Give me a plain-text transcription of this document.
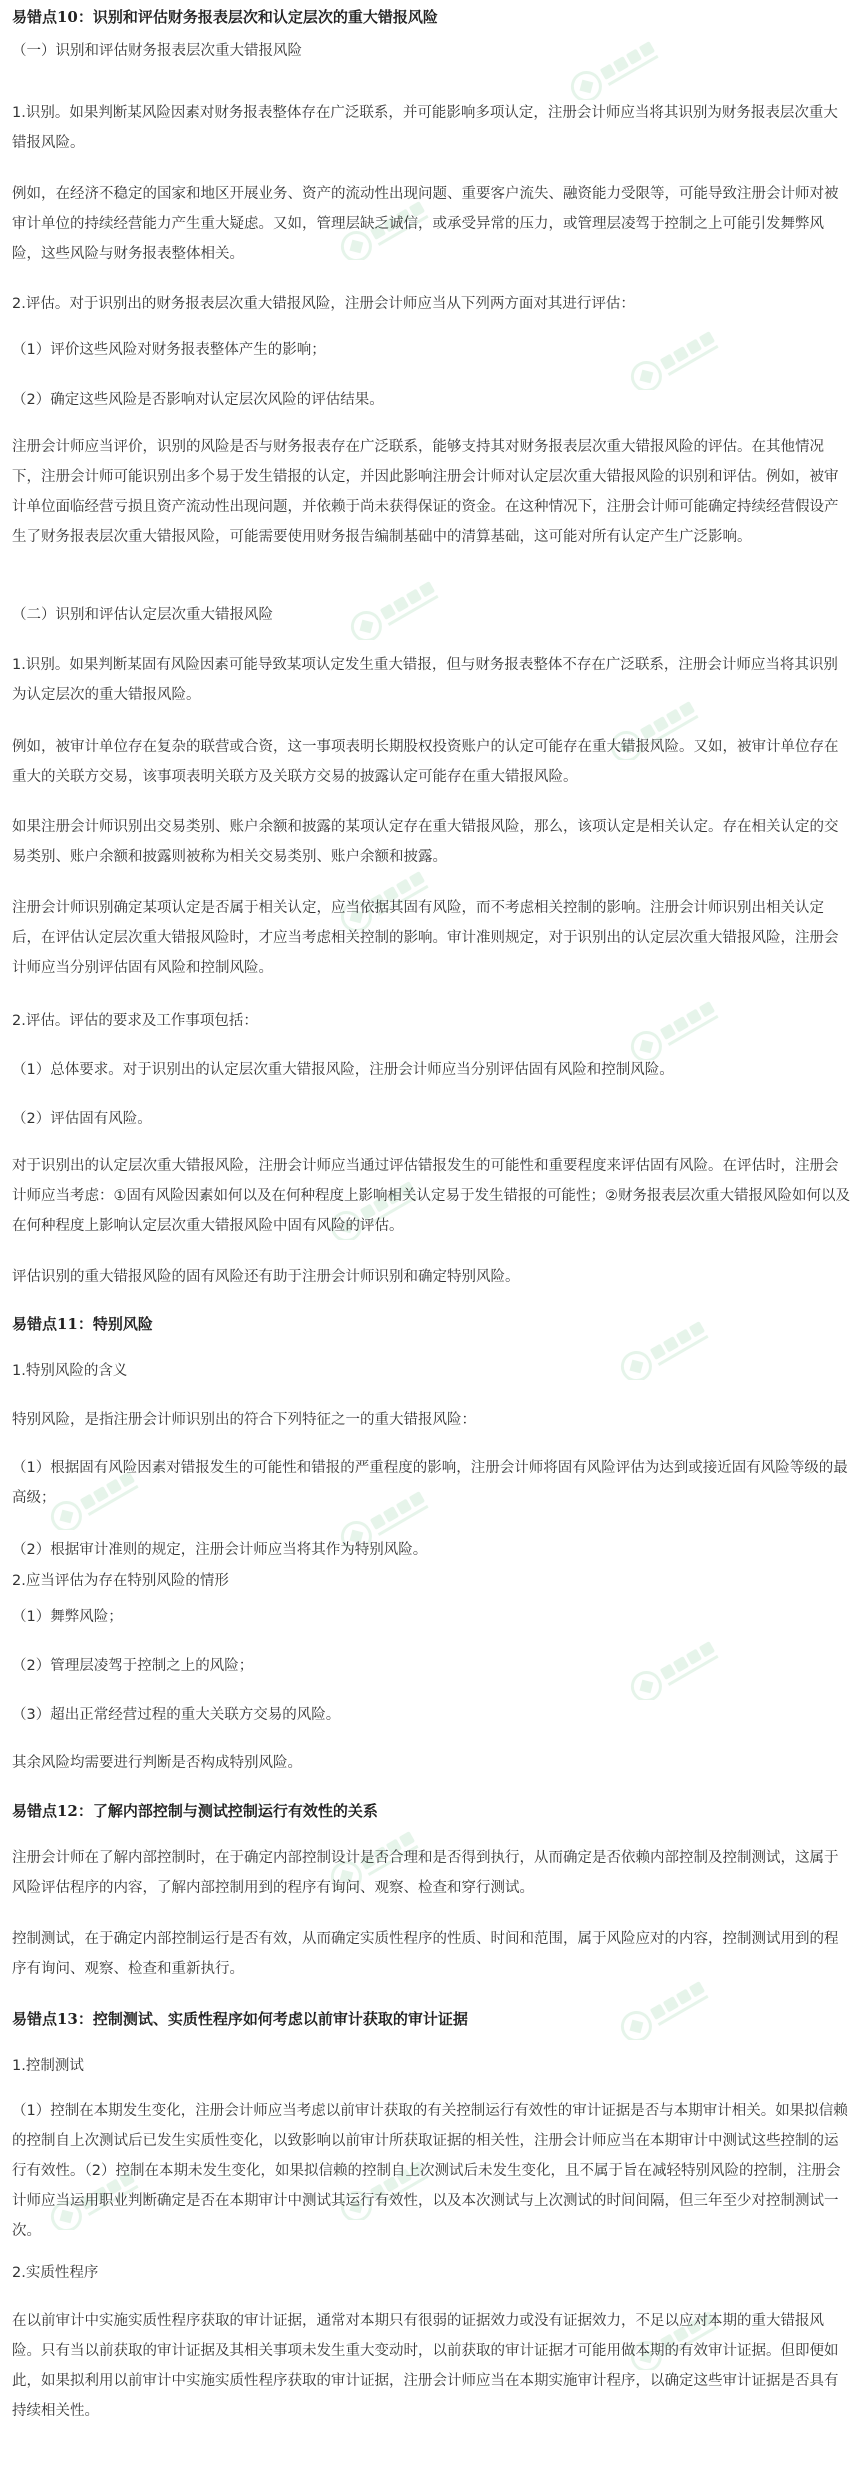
易错点10：识别和评估财务报表层次和认定层次的重大错报风险
（一）识别和评估财务报表层次重大错报风险
1.识别。如果判断某风险因素对财务报表整体存在广泛联系，并可能影响多项认定，注册会计师应当将其识别为财务报表层次重大错报风险。
例如，在经济不稳定的国家和地区开展业务、资产的流动性出现问题、重要客户流失、融资能力受限等，可能导致注册会计师对被审计单位的持续经营能力产生重大疑虑。又如，管理层缺乏诚信，或承受异常的压力，或管理层凌驾于控制之上可能引发舞弊风险，这些风险与财务报表整体相关。
2.评估。对于识别出的财务报表层次重大错报风险，注册会计师应当从下列两方面对其进行评估：
（1）评价这些风险对财务报表整体产生的影响；
（2）确定这些风险是否影响对认定层次风险的评估结果。
注册会计师应当评价，识别的风险是否与财务报表存在广泛联系，能够支持其对财务报表层次重大错报风险的评估。在其他情况下，注册会计师可能识别出多个易于发生错报的认定，并因此影响注册会计师对认定层次重大错报风险的识别和评估。例如，被审计单位面临经营亏损且资产流动性出现问题，并依赖于尚未获得保证的资金。在这种情况下，注册会计师可能确定持续经营假设产生了财务报表层次重大错报风险，可能需要使用财务报告编制基础中的清算基础，这可能对所有认定产生广泛影响。
（二）识别和评估认定层次重大错报风险
1.识别。如果判断某固有风险因素可能导致某项认定发生重大错报，但与财务报表整体不存在广泛联系，注册会计师应当将其识别为认定层次的重大错报风险。
例如，被审计单位存在复杂的联营或合资，这一事项表明长期股权投资账户的认定可能存在重大错报风险。又如，被审计单位存在重大的关联方交易，该事项表明关联方及关联方交易的披露认定可能存在重大错报风险。
如果注册会计师识别出交易类别、账户余额和披露的某项认定存在重大错报风险，那么，该项认定是相关认定。存在相关认定的交易类别、账户余额和披露则被称为相关交易类别、账户余额和披露。
注册会计师识别确定某项认定是否属于相关认定，应当依据其固有风险，而不考虑相关控制的影响。注册会计师识别出相关认定后，在评估认定层次重大错报风险时，才应当考虑相关控制的影响。审计准则规定，对于识别出的认定层次重大错报风险，注册会计师应当分别评估固有风险和控制风险。
2.评估。评估的要求及工作事项包括：
（1）总体要求。对于识别出的认定层次重大错报风险，注册会计师应当分别评估固有风险和控制风险。
（2）评估固有风险。
对于识别出的认定层次重大错报风险，注册会计师应当通过评估错报发生的可能性和重要程度来评估固有风险。在评估时，注册会计师应当考虑：①固有风险因素如何以及在何种程度上影响相关认定易于发生错报的可能性；②财务报表层次重大错报风险如何以及在何种程度上影响认定层次重大错报风险中固有风险的评估。
评估识别的重大错报风险的固有风险还有助于注册会计师识别和确定特别风险。
易错点11：特别风险
1.特别风险的含义
特别风险，是指注册会计师识别出的符合下列特征之一的重大错报风险：
（1）根据固有风险因素对错报发生的可能性和错报的严重程度的影响，注册会计师将固有风险评估为达到或接近固有风险等级的最高级；
（2）根据审计准则的规定，注册会计师应当将其作为特别风险。
2.应当评估为存在特别风险的情形
（1）舞弊风险；
（2）管理层凌驾于控制之上的风险；
（3）超出正常经营过程的重大关联方交易的风险。
其余风险均需要进行判断是否构成特别风险。
易错点12：了解内部控制与测试控制运行有效性的关系
注册会计师在了解内部控制时，在于确定内部控制设计是否合理和是否得到执行，从而确定是否依赖内部控制及控制测试，这属于风险评估程序的内容，了解内部控制用到的程序有询问、观察、检查和穿行测试。
控制测试，在于确定内部控制运行是否有效，从而确定实质性程序的性质、时间和范围，属于风险应对的内容，控制测试用到的程序有询问、观察、检查和重新执行。
易错点13：控制测试、实质性程序如何考虑以前审计获取的审计证据
1.控制测试
（1）控制在本期发生变化，注册会计师应当考虑以前审计获取的有关控制运行有效性的审计证据是否与本期审计相关。如果拟信赖的控制自上次测试后已发生实质性变化，以致影响以前审计所获取证据的相关性，注册会计师应当在本期审计中测试这些控制的运行有效性。（2）控制在本期未发生变化，如果拟信赖的控制自上次测试后未发生变化，且不属于旨在减轻特别风险的控制，注册会计师应当运用职业判断确定是否在本期审计中测试其运行有效性，以及本次测试与上次测试的时间间隔，但三年至少对控制测试一次。
2.实质性程序
在以前审计中实施实质性程序获取的审计证据，通常对本期只有很弱的证据效力或没有证据效力，不足以应对本期的重大错报风险。只有当以前获取的审计证据及其相关事项未发生重大变动时，以前获取的审计证据才可能用做本期的有效审计证据。但即便如此，如果拟利用以前审计中实施实质性程序获取的审计证据，注册会计师应当在本期实施审计程序，以确定这些审计证据是否具有持续相关性。
